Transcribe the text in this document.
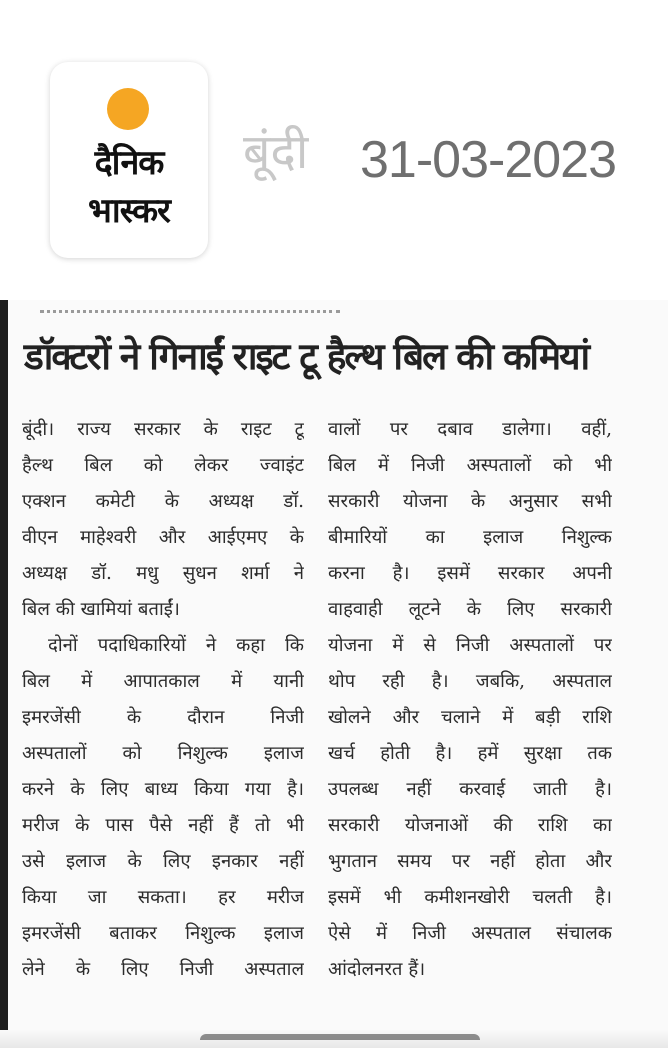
दैनिक
भास्कर
बूंदी 31-03-2023
डॉक्टरों ने गिनाईं राइट टू हैल्थ बिल की कमियां
बूंदी। राज्य सरकार के राइट टू
हैल्थ बिल को लेकर ज्वाइंट
एक्शन कमेटी के अध्यक्ष डॉ.
वीएन माहेश्वरी और आईएमए के
अध्यक्ष डॉ. मधु सुधन शर्मा ने
बिल की खामियां बताईं।
दोनों पदाधिकारियों ने कहा कि
बिल में आपातकाल में यानी
इमरजेंसी के दौरान निजी
अस्पतालों को निशुल्क इलाज
करने के लिए बाध्य किया गया है।
मरीज के पास पैसे नहीं हैं तो भी
उसे इलाज के लिए इनकार नहीं
किया जा सकता। हर मरीज
इमरजेंसी बताकर निशुल्क इलाज
लेने के लिए निजी अस्पताल
वालों पर दबाव डालेगा। वहीं,
बिल में निजी अस्पतालों को भी
सरकारी योजना के अनुसार सभी
बीमारियों का इलाज निशुल्क
करना है। इसमें सरकार अपनी
वाहवाही लूटने के लिए सरकारी
योजना में से निजी अस्पतालों पर
थोप रही है। जबकि, अस्पताल
खोलने और चलाने में बड़ी राशि
खर्च होती है। हमें सुरक्षा तक
उपलब्ध नहीं करवाई जाती है।
सरकारी योजनाओं की राशि का
भुगतान समय पर नहीं होता और
इसमें भी कमीशनखोरी चलती है।
ऐसे में निजी अस्पताल संचालक
आंदोलनरत हैं।
